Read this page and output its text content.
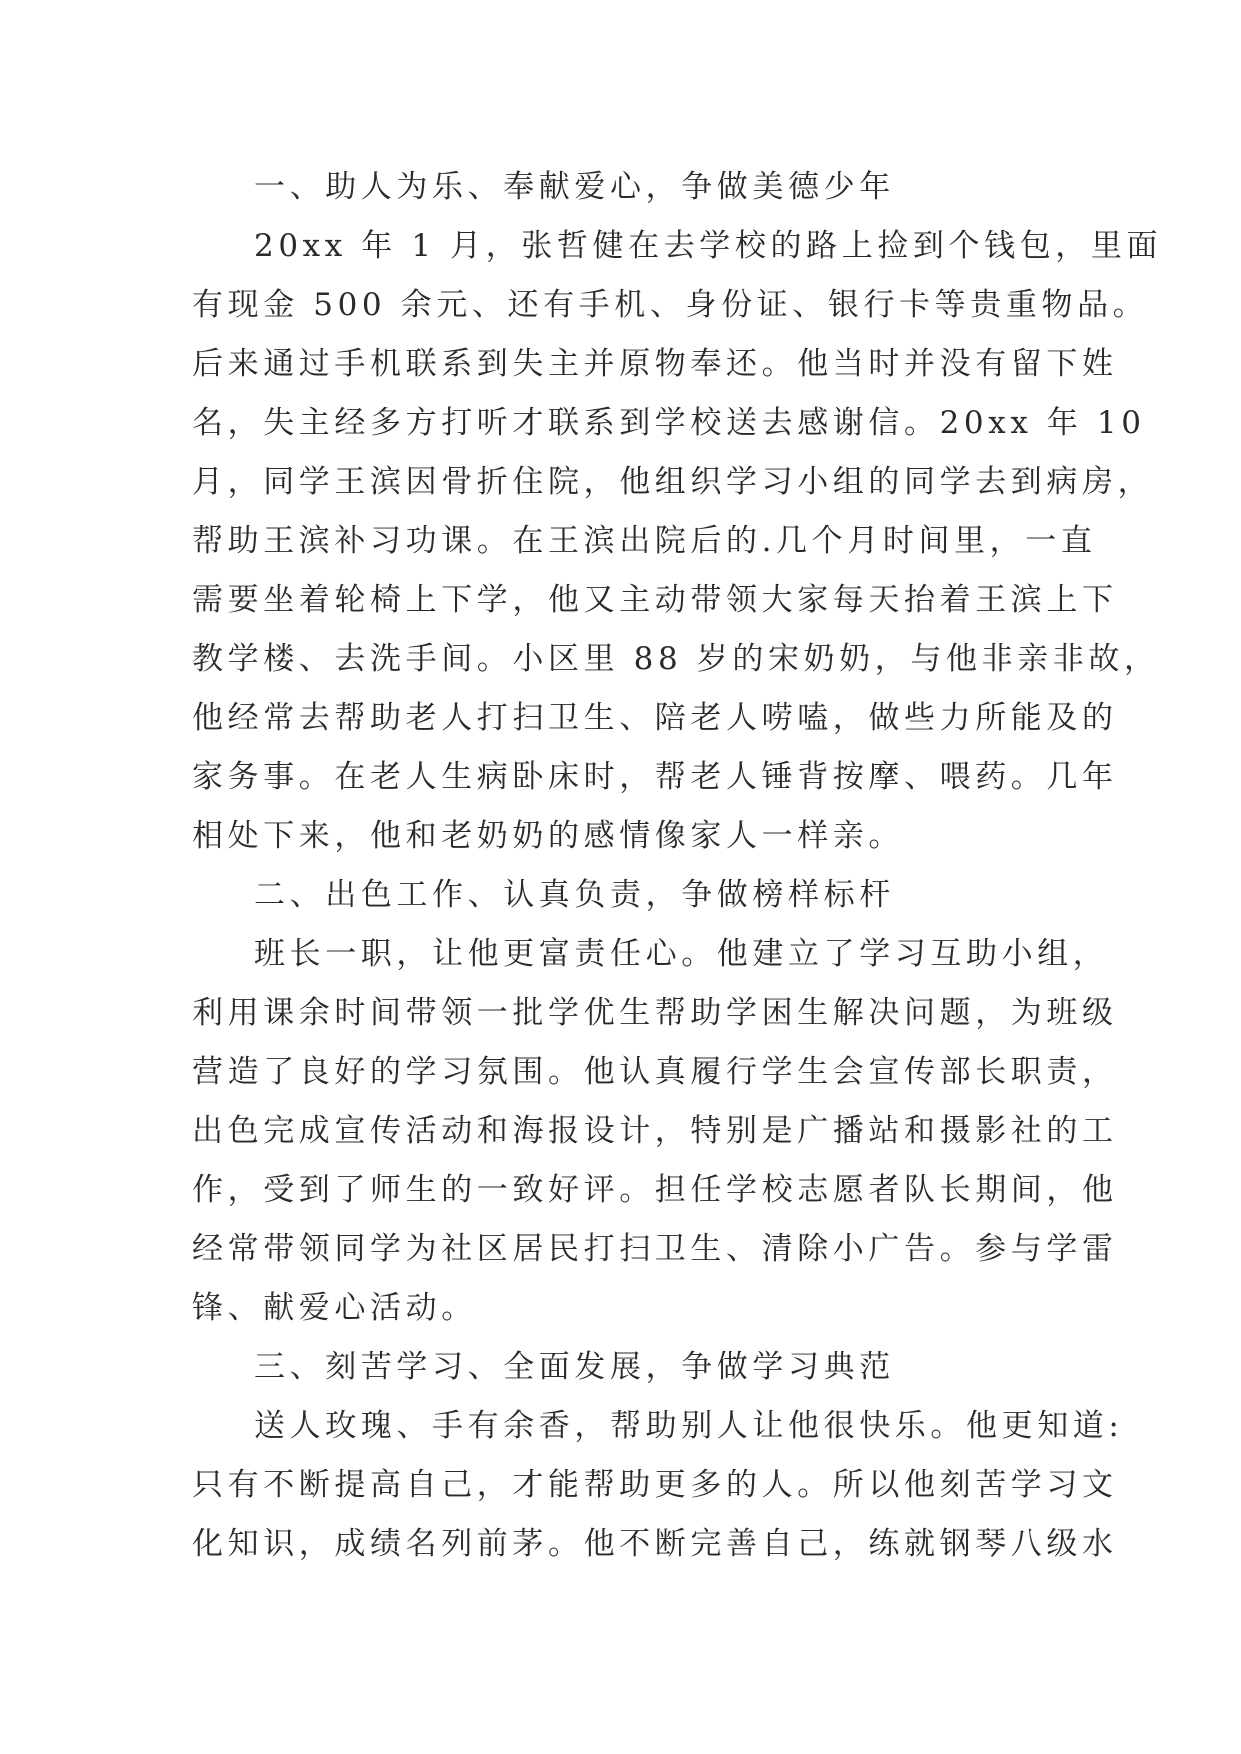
一、助人为乐、奉献爱心，争做美德少年
20xx 年 1 月，张哲健在去学校的路上捡到个钱包，里面
有现金 500 余元、还有手机、身份证、银行卡等贵重物品。
后来通过手机联系到失主并原物奉还。他当时并没有留下姓
名，失主经多方打听才联系到学校送去感谢信。20xx 年 10
月，同学王滨因骨折住院，他组织学习小组的同学去到病房，
帮助王滨补习功课。在王滨出院后的.几个月时间里，一直
需要坐着轮椅上下学，他又主动带领大家每天抬着王滨上下
教学楼、去洗手间。小区里 88 岁的宋奶奶，与他非亲非故，
他经常去帮助老人打扫卫生、陪老人唠嗑，做些力所能及的
家务事。在老人生病卧床时，帮老人锤背按摩、喂药。几年
相处下来，他和老奶奶的感情像家人一样亲。
二、出色工作、认真负责，争做榜样标杆
班长一职，让他更富责任心。他建立了学习互助小组，
利用课余时间带领一批学优生帮助学困生解决问题，为班级
营造了良好的学习氛围。他认真履行学生会宣传部长职责，
出色完成宣传活动和海报设计，特别是广播站和摄影社的工
作，受到了师生的一致好评。担任学校志愿者队长期间，他
经常带领同学为社区居民打扫卫生、清除小广告。参与学雷
锋、献爱心活动。
三、刻苦学习、全面发展，争做学习典范
送人玫瑰、手有余香，帮助别人让他很快乐。他更知道:
只有不断提高自己，才能帮助更多的人。所以他刻苦学习文
化知识，成绩名列前茅。他不断完善自己，练就钢琴八级水
